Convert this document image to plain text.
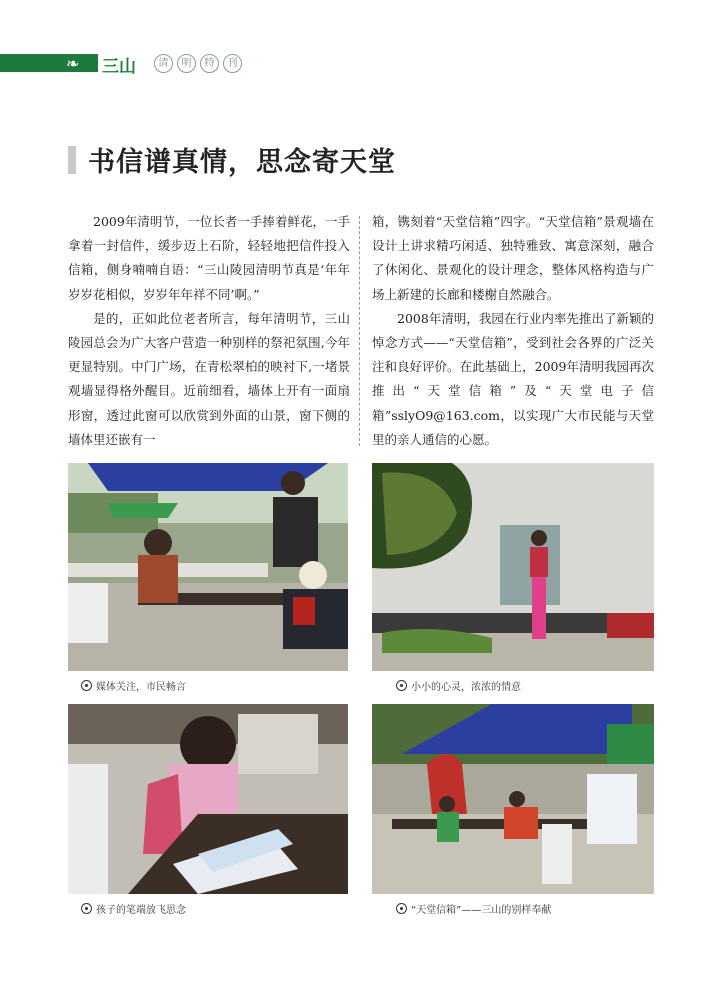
❧ 三山	清	明	特	刊
书信谱真情，思念寄天堂

2009年清明节，一位长者一手捧着鲜花，一手拿着一封信件，缓步迈上石阶，轻轻地把信件投入信箱，侧身喃喃自语：“三山陵园清明节真是‘年年岁岁花相似，岁岁年年祥不同’啊。”

是的，正如此位老者所言，每年清明节，三山陵园总会为广大客户营造一种别样的祭祀氛围,今年更显特别。中门广场，在青松翠柏的映衬下,一堵景观墙显得格外醒目。近前细看，墙体上开有一面扇形窗，透过此窗可以欣赏到外面的山景，窗下侧的墙体里还嵌有一

箱，镌刻着“天堂信箱”四字。“天堂信箱”景观墙在设计上讲求精巧闲适、独特雅致、寓意深刻，融合了休闲化、景观化的设计理念，整体风格构造与广场上新建的长廊和楼榭自然融合。

2008年清明，我园在行业内率先推出了新颖的悼念方式——“天堂信箱”，受到社会各界的广泛关注和良好评价。在此基础上，2009年清明我园再次推出“天堂信箱”及“天堂电子信箱”sslyO9@163.com，以实现广大市民能与天堂里的亲人通信的心愿。

媒体关注，市民畅言	小小的心灵，浓浓的情意
孩子的笔端放飞思念	“天堂信箱”——三山的别样奉献
